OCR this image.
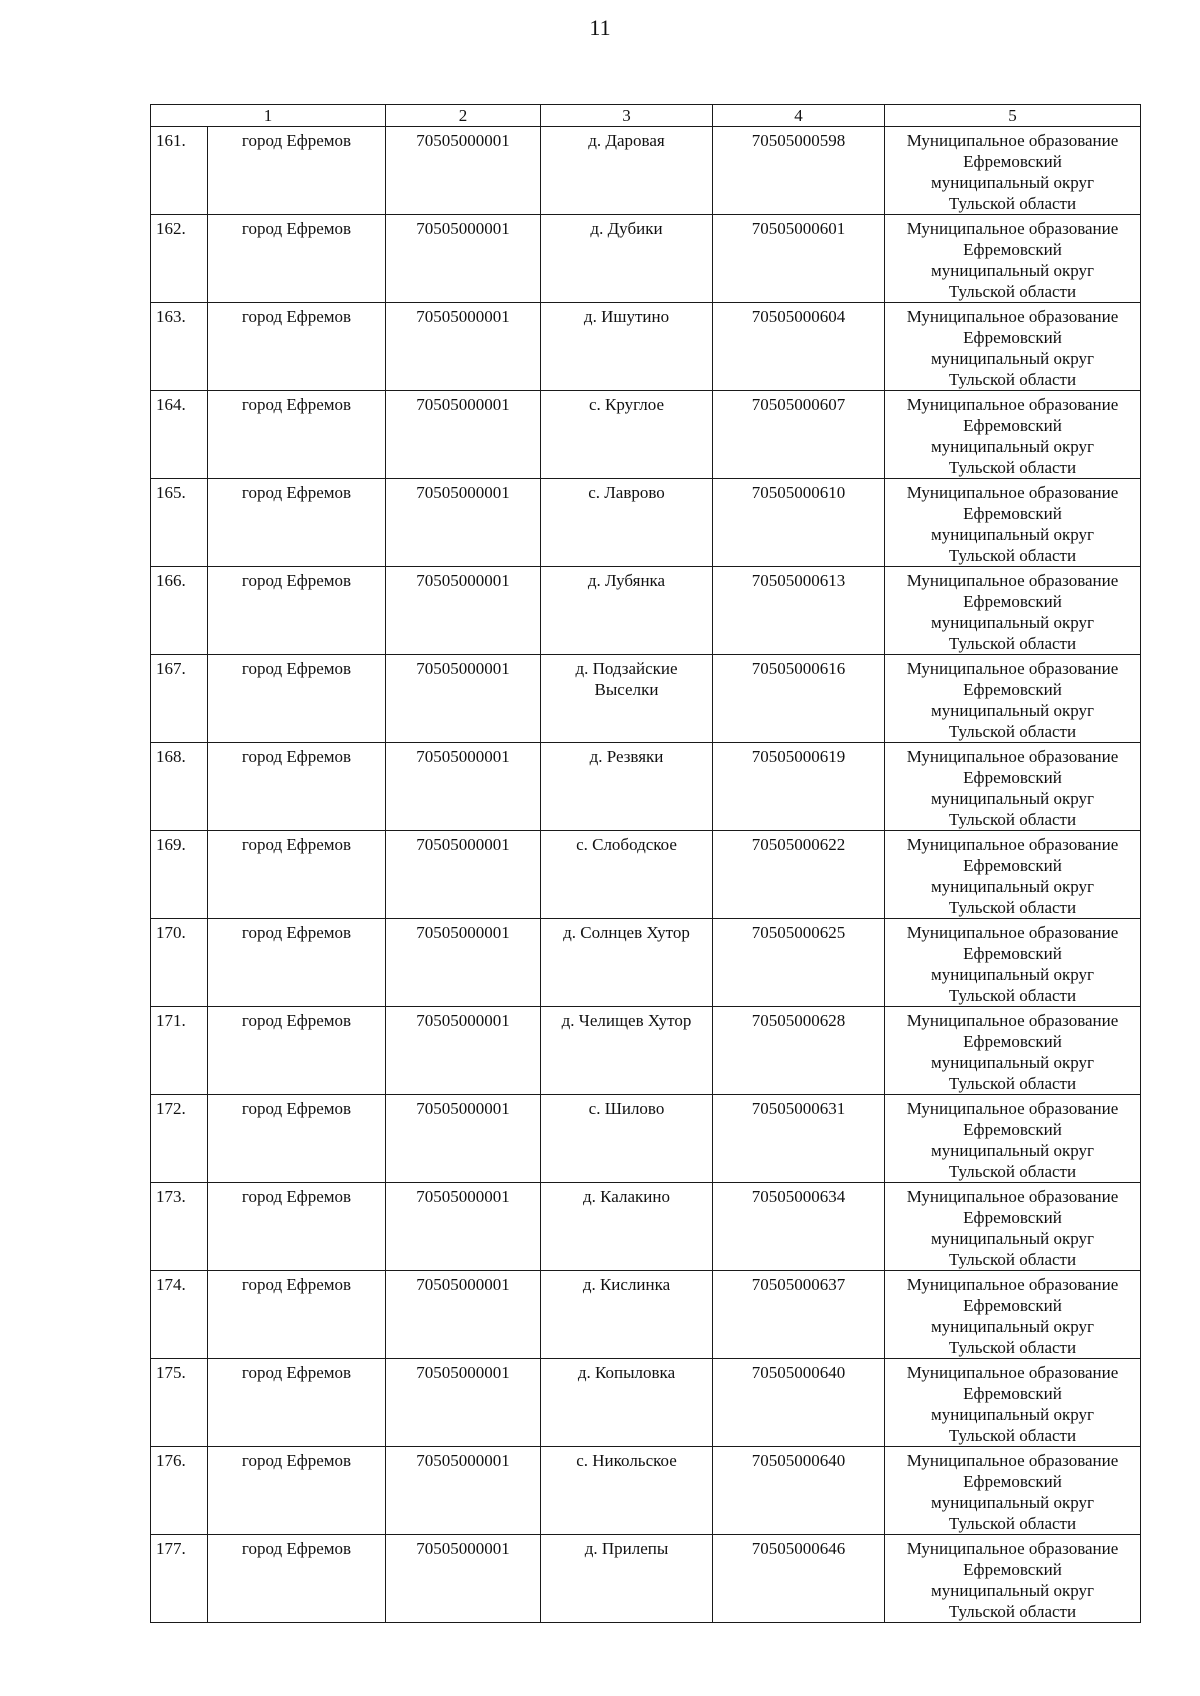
11
1		2	3	4	5
161.	город Ефремов	70505000001	д. Даровая	70505000598	Муниципальное образование
Ефремовский
муниципальный округ
Тульской области

162.	город Ефремов	70505000001	д. Дубики	70505000601	Муниципальное образование
Ефремовский
муниципальный округ
Тульской области

163.	город Ефремов	70505000001	д. Ишутино	70505000604	Муниципальное образование
Ефремовский
муниципальный округ
Тульской области

164.	город Ефремов	70505000001	с. Круглое	70505000607	Муниципальное образование
Ефремовский
муниципальный округ
Тульской области

165.	город Ефремов	70505000001	с. Лаврово	70505000610	Муниципальное образование
Ефремовский
муниципальный округ
Тульской области

166.	город Ефремов	70505000001	д. Лубянка	70505000613	Муниципальное образование
Ефремовский
муниципальный округ
Тульской области

167.	город Ефремов	70505000001	д. Подзайские Выселки	70505000616	Муниципальное образование
Ефремовский
муниципальный округ
Тульской области

168.	город Ефремов	70505000001	д. Резвяки	70505000619	Муниципальное образование
Ефремовский
муниципальный округ
Тульской области

169.	город Ефремов	70505000001	с. Слободское	70505000622	Муниципальное образование
Ефремовский
муниципальный округ
Тульской области

170.	город Ефремов	70505000001	д. Солнцев Хутор	70505000625	Муниципальное образование
Ефремовский
муниципальный округ
Тульской области

171.	город Ефремов	70505000001	д. Челищев Хутор	70505000628	Муниципальное образование
Ефремовский
муниципальный округ
Тульской области

172.	город Ефремов	70505000001	с. Шилово	70505000631	Муниципальное образование
Ефремовский
муниципальный округ
Тульской области

173.	город Ефремов	70505000001	д. Калакино	70505000634	Муниципальное образование
Ефремовский
муниципальный округ
Тульской области

174.	город Ефремов	70505000001	д. Кислинка	70505000637	Муниципальное образование
Ефремовский
муниципальный округ
Тульской области

175.	город Ефремов	70505000001	д. Копыловка	70505000640	Муниципальное образование
Ефремовский
муниципальный округ
Тульской области

176.	город Ефремов	70505000001	с. Никольское	70505000640	Муниципальное образование
Ефремовский
муниципальный округ
Тульской области

177.	город Ефремов	70505000001	д. Прилепы	70505000646	Муниципальное образование
Ефремовский
муниципальный округ
Тульской области
